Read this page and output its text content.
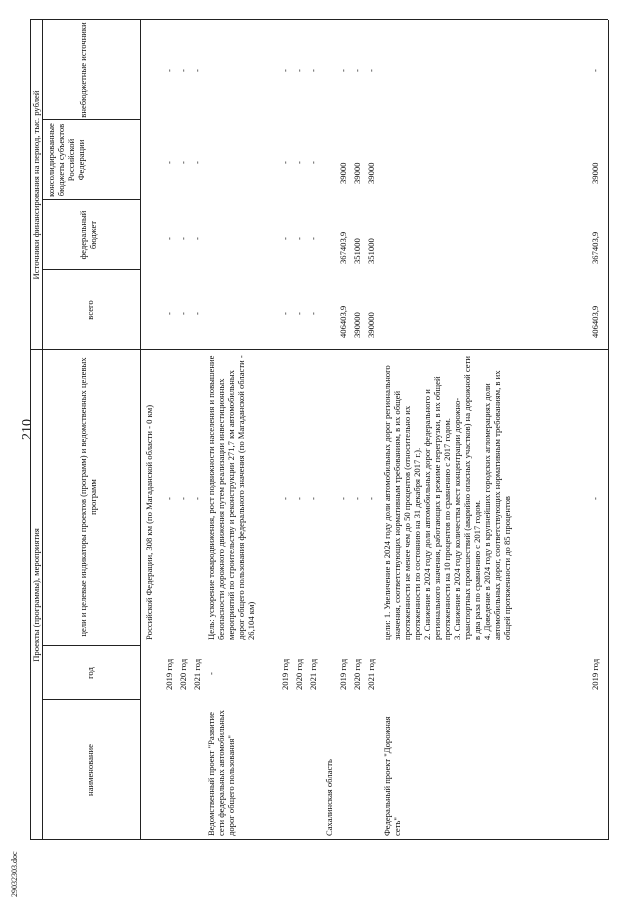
210
29032303.doc
Проекты (программы), мероприятия
Источники финансирования на период, тыс. рублей
наименование
год
цели и целевые индикаторы проектов (программ) и ведомственных целевых программ
всего
федеральный бюджет
консолидированные бюджеты субъектов Российской Федерации
внебюджетные источники
Российской Федерации, 308 км (по Магаданской области - 0 км)
2019 год
-
-
-
-
-
2020 год
-
-
-
-
-
2021 год
-
-
-
-
-
Ведомственный проект "Развитие сети федеральных автомобильных дорог общего пользования"
-
Цель: ускорение товародвижения, рост подвижности населения и повышение безопасности дорожного движения путем реализации инвестиционных мероприятий по строительству и реконструкции 271,7 км автомобильных дорог общего пользования федерального значения (по Магаданской области - 26,104 км)
2019 год
-
-
-
-
-
2020 год
-
-
-
-
-
2021 год
-
-
-
-
-
Сахалинская область
2019 год
-
406403,9
367403,9
39000
-
2020 год
-
390000
351000
39000
-
2021 год
-
390000
351000
39000
-
Федеральный проект "Дорожная сеть"
цели: 1. Увеличение в 2024 году доли автомобильных дорог регионального значения, соответствующих нормативным требованиям, в их общей протяженности не менее чем до 50 процентов (относительно их протяженности по состоянию на 31 декабря 2017 г.).
2. Снижение в 2024 году доли автомобильных дорог федерального и регионального значения, работающих в режиме перегрузки, в их общей протяженности на 10 процентов по сравнению с 2017 годом.
3. Снижение в 2024 году количества мест концентрации дорожно-транспортных происшествий (аварийно опасных участков) на дорожной сети в два раза по сравнению с 2017 годом.
4. Доведение в 2024 году в крупнейших городских агломерациях доли автомобильных дорог, соответствующих нормативным требованиям, в их общей протяженности до 85 процентов
2019 год
-
406403,9
367403,9
39000
-
